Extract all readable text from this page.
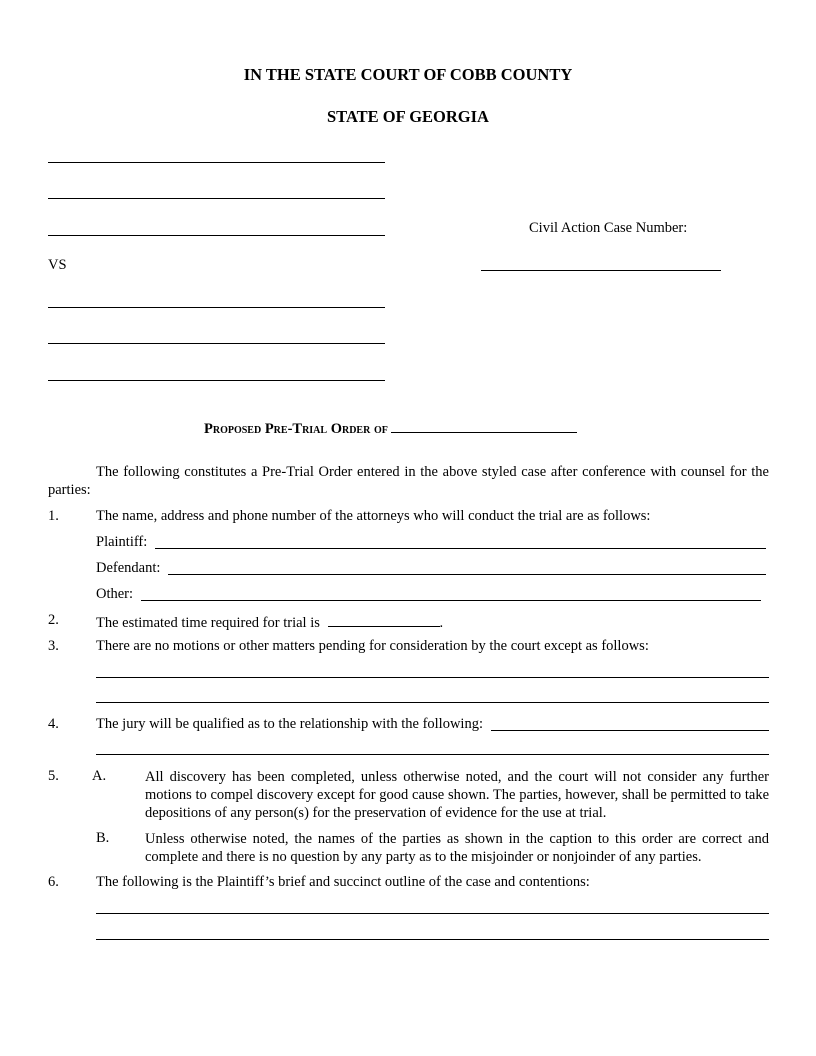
IN THE STATE COURT OF COBB COUNTY
STATE OF GEORGIA
Civil Action Case Number:
VS
Proposed Pre-Trial Order of
The following constitutes a Pre-Trial Order entered in the above styled case after conference with counsel for the parties:
1.	The name, address and phone number of the attorneys who will conduct the trial are as follows:
Plaintiff:
Defendant:
Other:
2.	The estimated time required for trial is	.
3.	There are no motions or other matters pending for consideration by the court except as follows:
4.	The jury will be qualified as to the relationship with the following:
5. A.	All discovery has been completed, unless otherwise noted, and the court will not consider any further motions to compel discovery except for good cause shown. The parties, however, shall be permitted to take depositions of any person(s) for the preservation of evidence for the use at trial.
B. Unless otherwise noted, the names of the parties as shown in the caption to this order are correct and complete and there is no question by any party as to the misjoinder or nonjoinder of any parties.
6.	The following is the Plaintiff’s brief and succinct outline of the case and contentions:
